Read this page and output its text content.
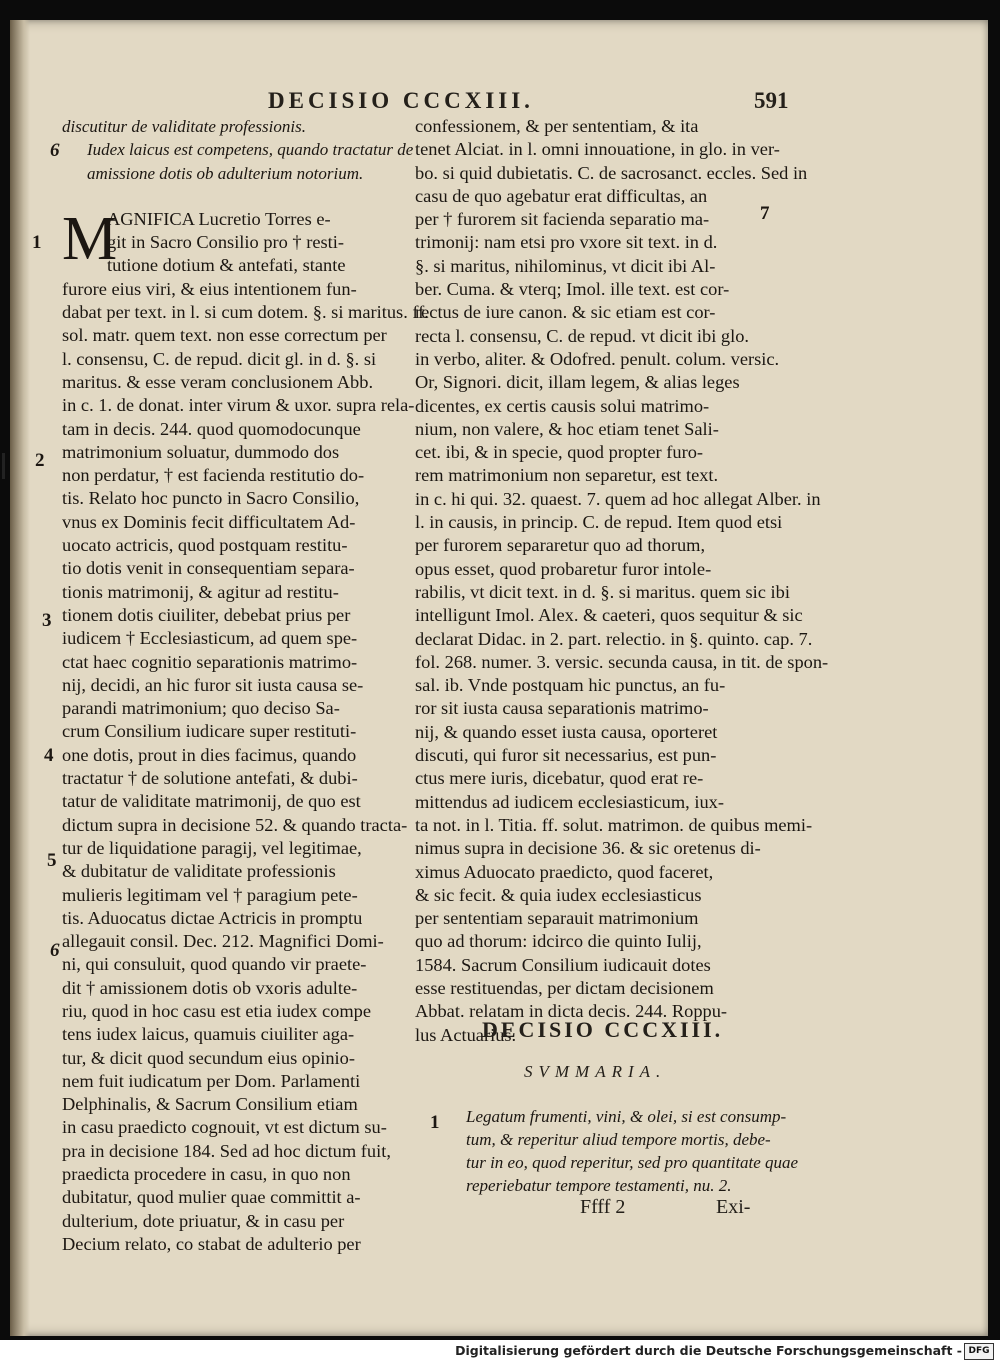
DECISIO CCCXIII.	591

discutitur de validitate professionis.

Iudex laicus est competens, quando tractatur de

amissione dotis ob adulterium notorium.

AGNIFICA Lucretio Torres e-

git in Sacro Consilio pro † resti-

tutione dotium & antefati, stante

furore eius viri, & eius intentionem fun-

dabat per text. in l. si cum dotem. §. si maritus. ff.

sol. matr. quem text. non esse correctum per

l. consensu, C. de repud. dicit gl. in d. §. si

maritus. & esse veram conclusionem Abb.

in c. 1. de donat. inter virum & uxor. supra rela-

tam in decis. 244. quod quomodocunque

matrimonium soluatur, dummodo dos

non perdatur, † est facienda restitutio do-

tis. Relato hoc puncto in Sacro Consilio,

vnus ex Dominis fecit difficultatem Ad-

uocato actricis, quod postquam restitu-

tio dotis venit in consequentiam separa-

tionis matrimonij, & agitur ad restitu-

tionem dotis ciuiliter, debebat prius per

iudicem † Ecclesiasticum, ad quem spe-

ctat haec cognitio separationis matrimo-

nij, decidi, an hic furor sit iusta causa se-

parandi matrimonium; quo deciso Sa-

crum Consilium iudicare super restituti-

one dotis, prout in dies facimus, quando

tractatur † de solutione antefati, & dubi-

tatur de validitate matrimonij, de quo est

dictum supra in decisione 52. & quando tracta-

tur de liquidatione paragij, vel legitimae,

& dubitatur de validitate professionis

mulieris legitimam vel † paragium pete-

tis. Aduocatus dictae Actricis in promptu

allegauit consil. Dec. 212. Magnifici Domi-

ni, qui consuluit, quod quando vir praete-

dit † amissionem dotis ob vxoris adulte-

riu, quod in hoc casu est etia iudex compe

tens iudex laicus, quamuis ciuiliter aga-

tur, & dicit quod secundum eius opinio-

nem fuit iudicatum per Dom. Parlamenti

Delphinalis, & Sacrum Consilium etiam

in casu praedicto cognouit, vt est dictum su-

pra in decisione 184. Sed ad hoc dictum fuit,

praedicta procedere in casu, in quo non

dubitatur, quod mulier quae committit a-

dulterium, dote priuatur, & in casu per

Decium relato, co stabat de adulterio per

M
6
1
2
3
4
5
6

confessionem, & per sententiam, & ita

tenet Alciat. in l. omni innouatione, in glo. in ver-

bo. si quid dubietatis. C. de sacrosanct. eccles. Sed in

casu de quo agebatur erat difficultas, an

per † furorem sit facienda separatio ma-

trimonij: nam etsi pro vxore sit text. in d.

§. si maritus, nihilominus, vt dicit ibi Al-

ber. Cuma. & vterq; Imol. ille text. est cor-

rectus de iure canon. & sic etiam est cor-

recta l. consensu, C. de repud. vt dicit ibi glo.

in verbo, aliter. & Odofred. penult. colum. versic.

Or, Signori. dicit, illam legem, & alias leges

dicentes, ex certis causis solui matrimo-

nium, non valere, & hoc etiam tenet Sali-

cet. ibi, & in specie, quod propter furo-

rem matrimonium non separetur, est text.

in c. hi qui. 32. quaest. 7. quem ad hoc allegat Alber. in

l. in causis, in princip. C. de repud. Item quod etsi

per furorem separaretur quo ad thorum,

opus esset, quod probaretur furor intole-

rabilis, vt dicit text. in d. §. si maritus. quem sic ibi

intelligunt Imol. Alex. & caeteri, quos sequitur & sic

declarat Didac. in 2. part. relectio. in §. quinto. cap. 7.

fol. 268. numer. 3. versic. secunda causa, in tit. de spon-

sal. ib. Vnde postquam hic punctus, an fu-

ror sit iusta causa separationis matrimo-

nij, & quando esset iusta causa, oporteret

discuti, qui furor sit necessarius, est pun-

ctus mere iuris, dicebatur, quod erat re-

mittendus ad iudicem ecclesiasticum, iux-

ta not. in l. Titia. ff. solut. matrimon. de quibus memi-

nimus supra in decisione 36. & sic oretenus di-

ximus Aduocato praedicto, quod faceret,

& sic fecit. & quia iudex ecclesiasticus

per sententiam separauit matrimonium

quo ad thorum: idcirco die quinto Iulij,

1584. Sacrum Consilium iudicauit dotes

esse restituendas, per dictam decisionem

Abbat. relatam in dicta decis. 244. Roppu-

lus Actuarius.

7
DECISIO CCCXIII.
SVMMARIA.
1 Legatum frumenti, vini, & olei, si est consump-

tum, & reperitur aliud tempore mortis, debe-

tur in eo, quod reperitur, sed pro quantitate quae

reperiebatur tempore testamenti, nu. 2.

Ffff 2	Exi-
Digitalisierung gefördert durch die Deutsche Forschungsgemeinschaft - DFG
